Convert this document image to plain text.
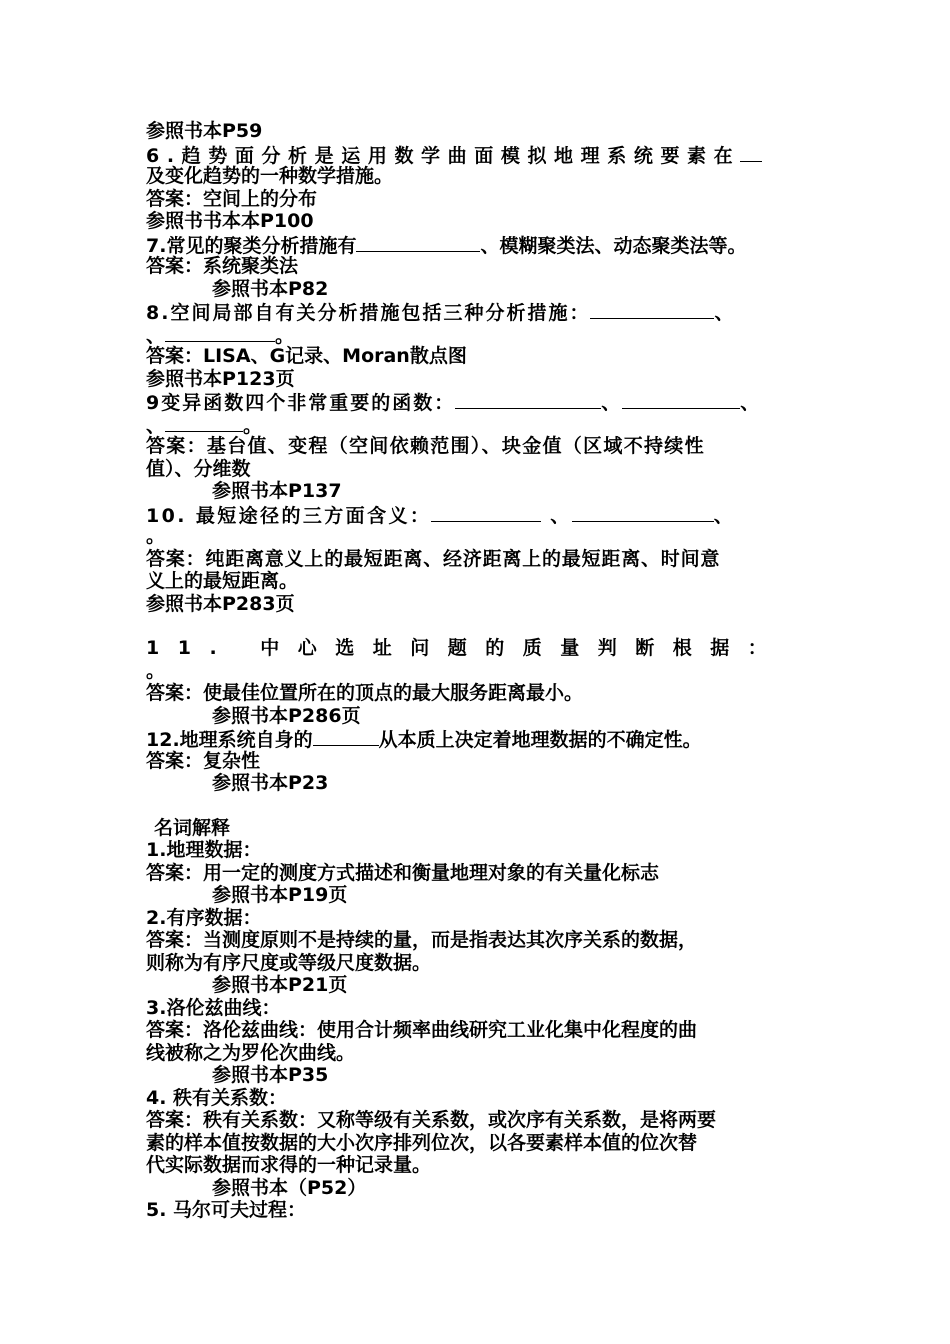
参照书本P59
6.趋势面分析是运用数学曲面模拟地理系统要素在
及变化趋势的一种数学措施。
答案：空间上的分布
参照书书本本P100
7.常见的聚类分析措施有	、模糊聚类法、动态聚类法等。
答案：系统聚类法
参照书本P82
8.空间局部自有关分析措施包括三种分析措施：	、
、	。
答案：LISA、G记录、Moran散点图
参照书本P123页
9变异函数四个非常重要的函数：	、	、
、	。
答案：基台值、变程（空间依赖范围）、块金值（区域不持续性
值）、分维数
参照书本P137
10. 最短途径的三方面含义：	、	、
。
答案：纯距离意义上的最短距离、经济距离上的最短距离、时间意
义上的最短距离。
参照书本P283页
11. 中心选址问题的质量判断根据：
。
答案：使最佳位置所在的顶点的最大服务距离最小。
参照书本P286页
12.地理系统自身的	从本质上决定着地理数据的不确定性。
答案：复杂性
参照书本P23
名词解释
1.地理数据：
答案：用一定的测度方式描述和衡量地理对象的有关量化标志
参照书本P19页
2.有序数据：
答案：当测度原则不是持续的量，而是指表达其次序关系的数据，
则称为有序尺度或等级尺度数据。
参照书本P21页
3.洛伦兹曲线：
答案：洛伦兹曲线：使用合计频率曲线研究工业化集中化程度的曲
线被称之为罗伦次曲线。
参照书本P35
4. 秩有关系数：
答案：秩有关系数：又称等级有关系数，或次序有关系数，是将两要
素的样本值按数据的大小次序排列位次，以各要素样本值的位次替
代实际数据而求得的一种记录量。
参照书本（P52）
5. 马尔可夫过程：
